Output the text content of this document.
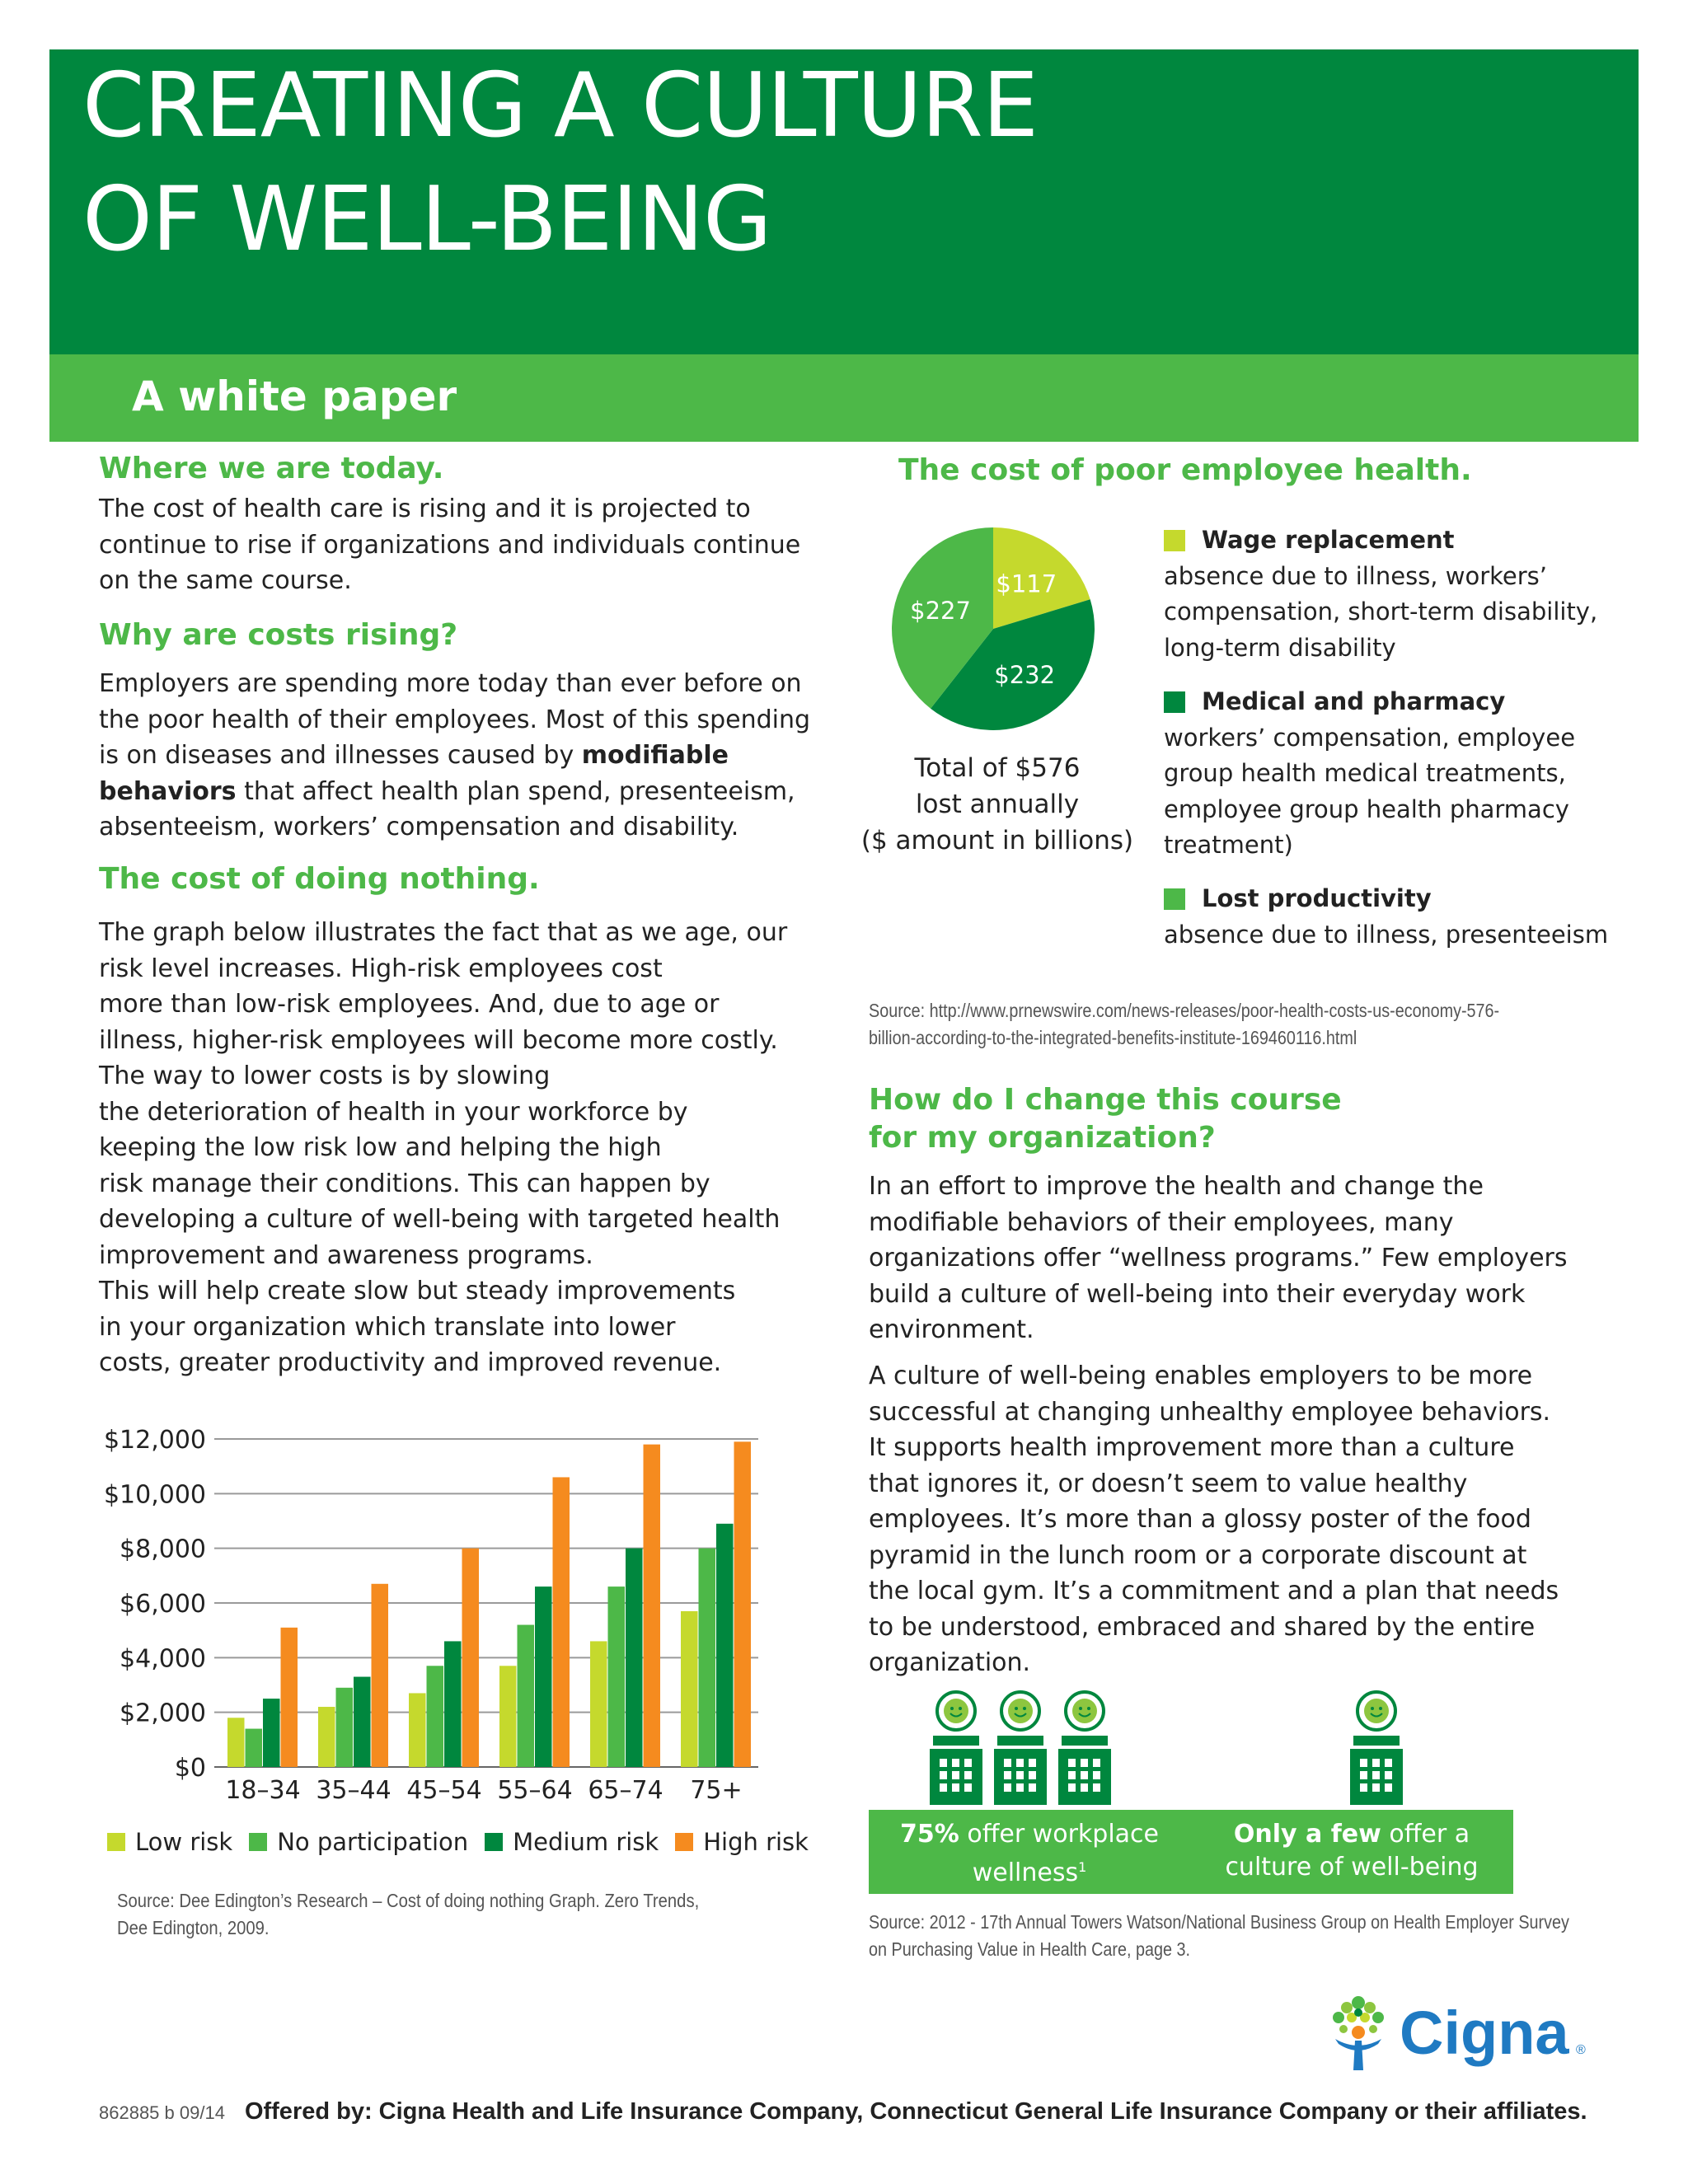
CREATING A CULTURE
OF WELL-BEING
A white paper
Where we are today.
The cost of health care is rising and it is projected to continue to rise if organizations and individuals continue on the same course.
Why are costs rising?
Employers are spending more today than ever before on the poor health of their employees. Most of this spending is on diseases and illnesses caused by modifiable behaviors that affect health plan spend, presenteeism, absenteeism, workers’ compensation and disability.
The cost of doing nothing.
The graph below illustrates the fact that as we age, our
risk level increases. High-risk employees cost
more than low-risk employees. And, due to age or
illness, higher-risk employees will become more costly.
The way to lower costs is by slowing
the deterioration of health in your workforce by
keeping the low risk low and helping the high
risk manage their conditions. This can happen by
developing a culture of well-being with targeted health
improvement and awareness programs.
This will help create slow but steady improvements
in your organization which translate into lower
costs, greater productivity and improved revenue.
$0
$2,000
$4,000
$6,000
$8,000
$10,000
$12,000
18–34 35–44 45–54 55–64 65–74 75+
Low risk No participation Medium risk High risk
Source: Dee Edington’s Research – Cost of doing nothing Graph. Zero Trends,
Dee Edington, 2009.
The cost of poor employee health.
$117
$232
$227
Total of $576
lost annually
($ amount in billions)
Wage replacement
absence due to illness, workers’ compensation, short-term disability, long-term disability
Medical and pharmacy
workers’ compensation, employee group health medical treatments, employee group health pharmacy treatment)
Lost productivity
absence due to illness, presenteeism
Source: http://www.prnewswire.com/news-releases/poor-health-costs-us-economy-576-
billion-according-to-the-integrated-benefits-institute-169460116.html
How do I change this course
for my organization?
In an effort to improve the health and change the modifiable behaviors of their employees, many organizations offer “wellness programs.” Few employers build a culture of well-being into their everyday work environment.
A culture of well-being enables employers to be more successful at changing unhealthy employee behaviors. It supports health improvement more than a culture that ignores it, or doesn’t seem to value healthy employees. It’s more than a glossy poster of the food pyramid in the lunch room or a corporate discount at the local gym. It’s a commitment and a plan that needs to be understood, embraced and shared by the entire organization.
75% offer workplace
wellness$^1$
Only a few offer a
culture of well-being
Source: 2012 - 17th Annual Towers Watson/National Business Group on Health Employer Survey
on Purchasing Value in Health Care, page 3.
Cigna ®
862885 b 09/14 Offered by: Cigna Health and Life Insurance Company, Connecticut General Life Insurance Company or their affiliates.
